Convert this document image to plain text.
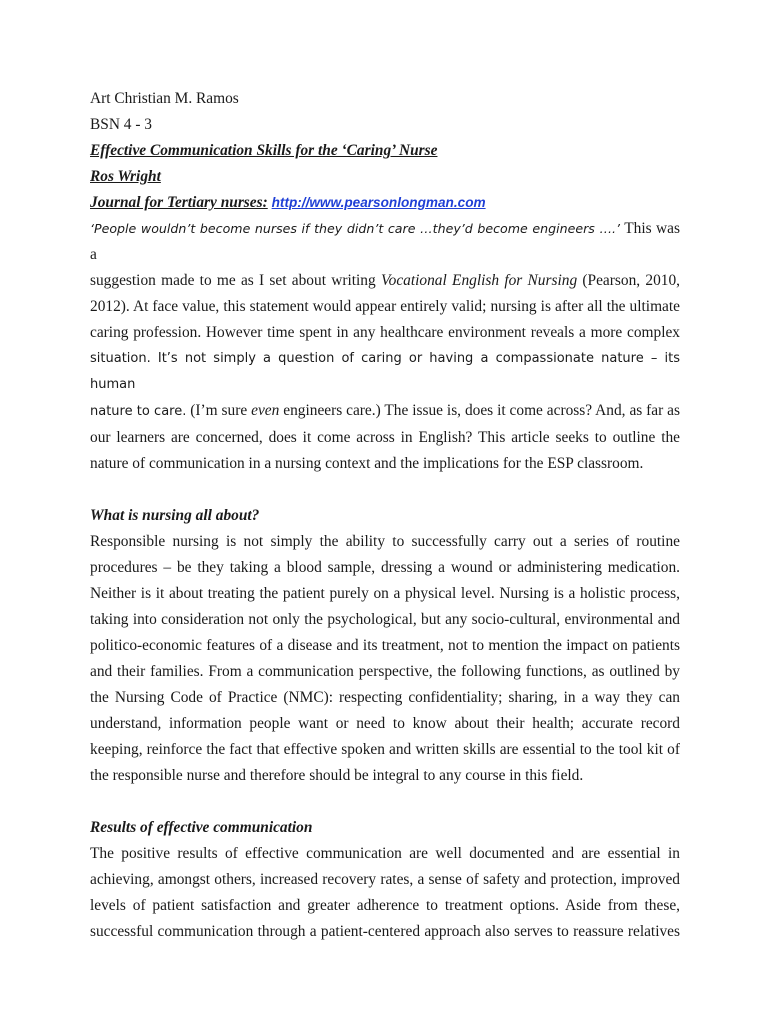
Art Christian M. Ramos
BSN 4 - 3
Effective Communication Skills for the ‘Caring’ Nurse
Ros Wright
Journal for Tertiary nurses: http://www.pearsonlongman.com
‘People wouldn’t become nurses if they didn’t care …they’d become engineers ….’ This was a
suggestion made to me as I set about writing Vocational English for Nursing (Pearson, 2010,
2012). At face value, this statement would appear entirely valid; nursing is after all the ultimate
caring profession. However time spent in any healthcare environment reveals a more complex
situation. It’s not simply a question of caring or having a compassionate nature – its human
nature to care. (I’m sure even engineers care.) The issue is, does it come across? And, as far as
our learners are concerned, does it come across in English? This article seeks to outline the
nature of communication in a nursing context and the implications for the ESP classroom.
What is nursing all about?
Responsible nursing is not simply the ability to successfully carry out a series of routine
procedures – be they taking a blood sample, dressing a wound or administering medication.
Neither is it about treating the patient purely on a physical level. Nursing is a holistic process,
taking into consideration not only the psychological, but any socio-cultural, environmental and
politico-economic features of a disease and its treatment, not to mention the impact on patients
and their families. From a communication perspective, the following functions, as outlined by
the Nursing Code of Practice (NMC): respecting confidentiality; sharing, in a way they can
understand, information people want or need to know about their health; accurate record
keeping, reinforce the fact that effective spoken and written skills are essential to the tool kit of
the responsible nurse and therefore should be integral to any course in this field.
Results of effective communication
The positive results of effective communication are well documented and are essential in
achieving, amongst others, increased recovery rates, a sense of safety and protection, improved
levels of patient satisfaction and greater adherence to treatment options. Aside from these,
successful communication through a patient-centered approach also serves to reassure relatives
